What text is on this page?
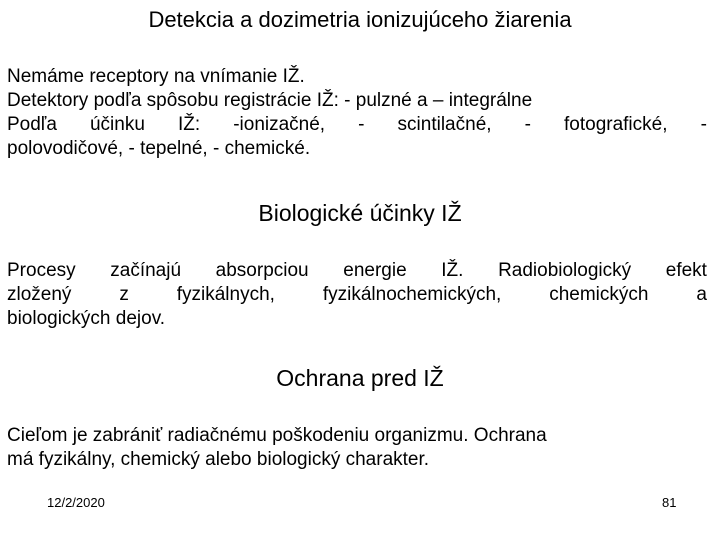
Detekcia a dozimetria ionizujúceho žiarenia
Nemáme receptory na vnímanie IŽ.
Detektory podľa spôsobu registrácie IŽ: - pulzné a – integrálne
Podľa účinku IŽ: -ionizačné, - scintilačné, - fotografické, -
polovodičové, - tepelné, - chemické.
Biologické účinky IŽ
Procesy začínajú absorpciou energie IŽ. Radiobiologický efekt
zložený	z	fyzikálnych,	fyzikálnochemických,	chemických	a
biologických dejov.
Ochrana pred IŽ
Cieľom je zabrániť radiačnému poškodeniu organizmu. Ochrana
má fyzikálny, chemický alebo biologický charakter.
12/2/2020	81
